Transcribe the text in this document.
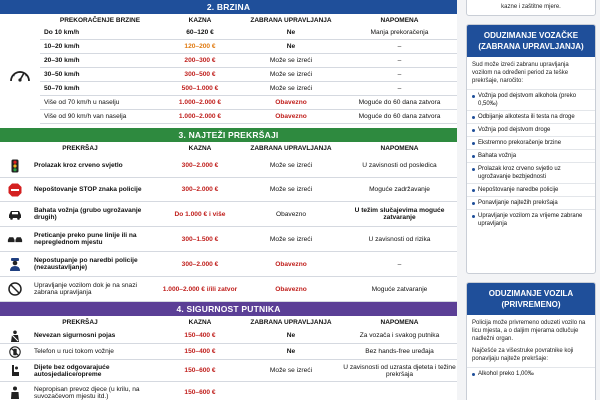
2. BRZINA
PREKORAČENJE BRZINE	KAZNA	ZABRANA UPRAVLJANJA	NAPOMENA
Do 10 km/h	60–120 €	Ne	Manja prekoračenja
10–20 km/h	120–200 €	Ne	–
20–30 km/h	200–300 €	Može se izreći	–
30–50 km/h	300–500 €	Može se izreći	–
50–70 km/h	500–1.000 €	Može se izreći	–
Više od 70 km/h u naselju	1.000–2.000 €	Obavezno	Moguće do 60 dana zatvora
Više od 90 km/h van naselja	1.000–2.000 €	Obavezno	Moguće do 60 dana zatvora
3. NAJTEŽI PREKRŠAJI
PREKRŠAJ	KAZNA	ZABRANA UPRAVLJANJA	NAPOMENA
Prolazak kroz crveno svjetlo	300–2.000 €	Može se izreći	U zavisnosti od posledica
Nepoštovanje STOP znaka policije	300–2.000 €	Može se izreći	Moguće zadržavanje
Bahata vožnja (grubo ugrožavanje drugih)	Do 1.000 € i više	Obavezno	U težim slučajevima moguće zatvaranje
Preticanje preko pune linije ili na nepreglednom mjestu	300–1.500 €	Može se izreći	U zavisnosti od rizika
Nepostupanje po naredbi policije (nezaustavljanje)	300–2.000 €	Obavezno	–
Upravljanje vozilom dok je na snazi zabrana upravljanja	1.000–2.000 € i/ili zatvor	Obavezno	Moguće zatvaranje
4. SIGURNOST PUTNIKA
PREKRŠAJ	KAZNA	ZABRANA UPRAVLJANJA	NAPOMENA
Nevezan sigurnosni pojas	150–400 €	Ne	Za vozača i svakog putnika
Telefon u ruci tokom vožnje	150–400 €	Ne	Bez hands-free uređaja
Dijete bez odgovarajuće autosjedalice/opreme	150–600 €	Može se izreći	U zavisnosti od uzrasta djeteta i težine prekršaja
Nepropisan prevoz djece (u krilu, na suvozačevom mjestu itd.)	150–600 €
kazne i zaštitne mjere.
ODUZIMANJE VOZAČKE (ZABRANA UPRAVLJANJA)
Sud može izreći zabranu upravljanja vozilom na određeni period za teške prekršaje, naročito:
Vožnja pod dejstvom alkohola (preko 0,50‰)
Odbijanje alkotesta ili testa na droge
Vožnja pod dejstvom droge
Ekstremno prekoračenje brzine
Bahata vožnja
Prolazak kroz crveno svjetlo uz ugrožavanje bezbjednosti
Nepoštovanje naredbe policije
Ponavljanje najtežih prekršaja
Upravljanje vozilom za vrijeme zabrane upravljanja
ODUZIMANJE VOZILA (PRIVREMENO)
Policija može privremeno oduzeti vozilo na licu mjesta, a o daljim mjerama odlučuje nadležni organ.
Najčešće za višestruke povratnike koji ponavljaju najteže prekršaje:
Alkohol preko 1,00‰
